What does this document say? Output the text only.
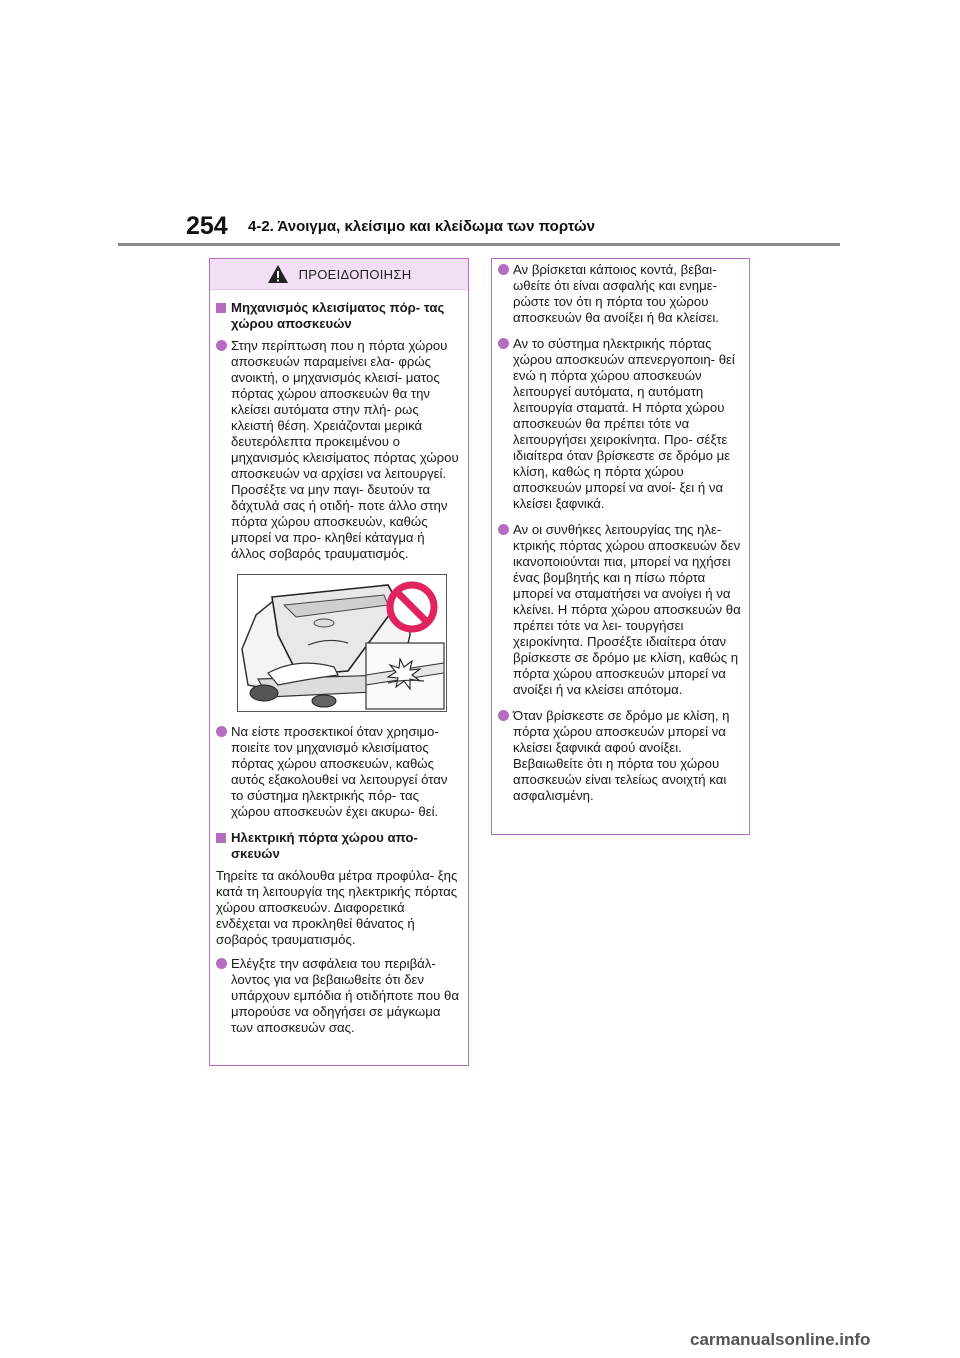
254 4-2. Άνοιγμα, κλείσιμο και κλείδωμα των πορτών
ΠΡΟΕΙΔΟΠΟΙΗΣΗ
Μηχανισμός κλεισίματος πόρ- τας χώρου αποσκευών
Στην περίπτωση που η πόρτα χώρου αποσκευών παραμείνει ελα- φρώς ανοικτή, ο μηχανισμός κλεισί- ματος πόρτας χώρου αποσκευών θα την κλείσει αυτόματα στην πλή- ρως κλειστή θέση. Χρειάζονται μερικά δευτερόλεπτα προκειμένου ο μηχανισμός κλεισίματος πόρτας χώρου αποσκευών να αρχίσει να λειτουργεί. Προσέξτε να μην παγι- δευτούν τα δάχτυλά σας ή οτιδή- ποτε άλλο στην πόρτα χώρου αποσκευών, καθώς μπορεί να προ- κληθεί κάταγμα ή άλλος σοβαρός τραυματισμός.
Να είστε προσεκτικοί όταν χρησιμο- ποιείτε τον μηχανισμό κλεισίματος πόρτας χώρου αποσκευών, καθώς αυτός εξακολουθεί να λειτουργεί όταν το σύστημα ηλεκτρικής πόρ- τας χώρου αποσκευών έχει ακυρω- θεί.
Ηλεκτρική πόρτα χώρου απο- σκευών

Τηρείτε τα ακόλουθα μέτρα προφύλα- ξης κατά τη λειτουργία της ηλεκτρικής πόρτας χώρου αποσκευών. Διαφορετικά ενδέχεται να προκληθεί θάνατος ή σοβαρός τραυματισμός.

Ελέγξτε την ασφάλεια του περιβάλ- λοντος για να βεβαιωθείτε ότι δεν υπάρχουν εμπόδια ή οτιδήποτε που θα μπορούσε να οδηγήσει σε μάγκωμα των αποσκευών σας.
Αν βρίσκεται κάποιος κοντά, βεβαι- ωθείτε ότι είναι ασφαλής και ενημε- ρώστε τον ότι η πόρτα του χώρου αποσκευών θα ανοίξει ή θα κλείσει.
Αν το σύστημα ηλεκτρικής πόρτας χώρου αποσκευών απενεργοποιη- θεί ενώ η πόρτα χώρου αποσκευών λειτουργεί αυτόματα, η αυτόματη λειτουργία σταματά. Η πόρτα χώρου αποσκευών θα πρέπει τότε να λειτουργήσει χειροκίνητα. Προ- σέξτε ιδιαίτερα όταν βρίσκεστε σε δρόμο με κλίση, καθώς η πόρτα χώρου αποσκευών μπορεί να ανοί- ξει ή να κλείσει ξαφνικά.
Αν οι συνθήκες λειτουργίας της ηλε- κτρικής πόρτας χώρου αποσκευών δεν ικανοποιούνται πια, μπορεί να ηχήσει ένας βομβητής και η πίσω πόρτα μπορεί να σταματήσει να ανοίγει ή να κλείνει. Η πόρτα χώρου αποσκευών θα πρέπει τότε να λει- τουργήσει χειροκίνητα. Προσέξτε ιδιαίτερα όταν βρίσκεστε σε δρόμο με κλίση, καθώς η πόρτα χώρου αποσκευών μπορεί να ανοίξει ή να κλείσει απότομα.
Όταν βρίσκεστε σε δρόμο με κλίση, η πόρτα χώρου αποσκευών μπορεί να κλείσει ξαφνικά αφού ανοίξει. Βεβαιωθείτε ότι η πόρτα του χώρου αποσκευών είναι τελείως ανοιχτή και ασφαλισμένη.
carmanualsonline.info
